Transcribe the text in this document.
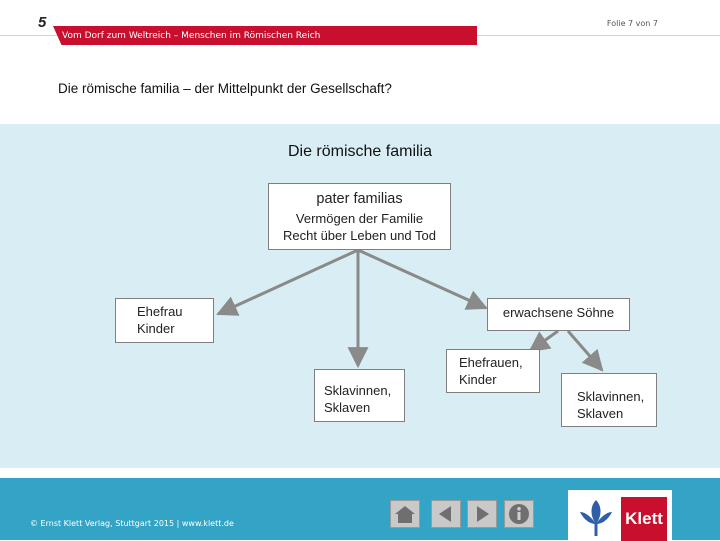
5	Folie 7 von 7
Vom Dorf zum Weltreich – Menschen im Römischen Reich
Die römische familia – der Mittelpunkt der Gesellschaft?
Die römische familia
pater familias
Vermögen der Familie
Recht über Leben und Tod
Ehefrau
Kinder
erwachsene Söhne
Sklavinnen,
Sklaven
Ehefrauen,
Kinder
Sklavinnen,
Sklaven
© Ernst Klett Verlag, Stuttgart 2015 | www.klett.de	Klett
